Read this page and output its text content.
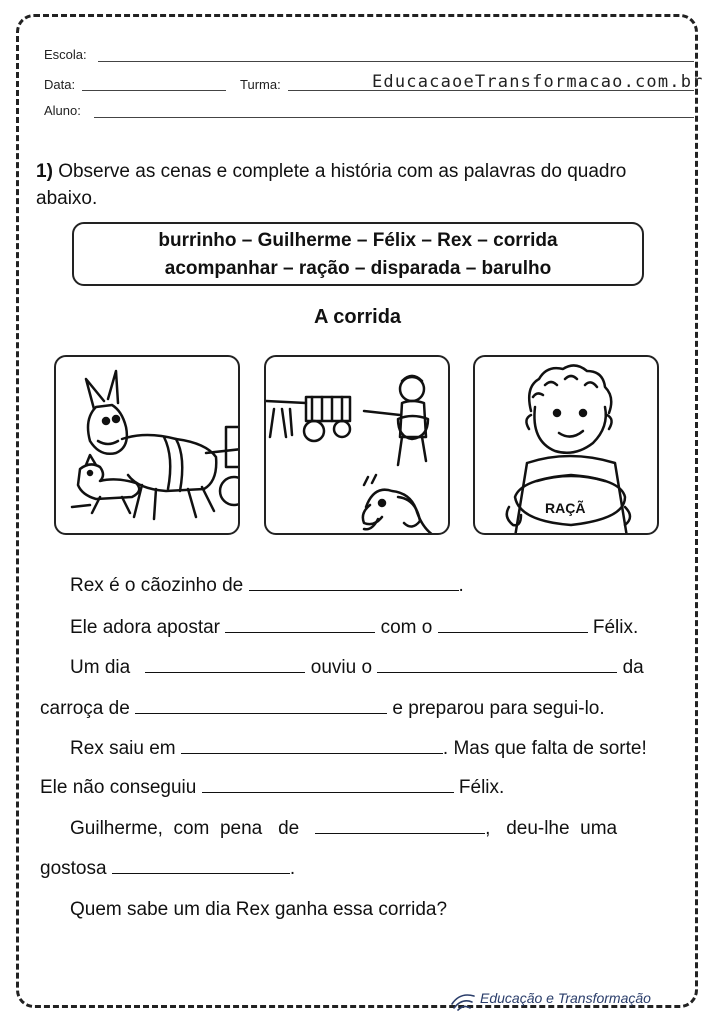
Escola:
Data:	Turma:	EducacaoeTransformacao.com.br
Aluno:
1) Observe as cenas e complete a história com as palavras do quadro abaixo.
burrinho – Guilherme – Félix – Rex – corrida
acompanhar – ração – disparada – barulho
A corrida
RAÇÃ
Rex é o cãozinho de	.
Ele adora apostar	com o	Félix.
Um dia	ouviu o	da
carroça de	e preparou para segui-lo.
Rex saiu em	. Mas que falta de sorte!
Ele não conseguiu	Félix.
Guilherme, com pena de	, deu-lhe uma
gostosa	.
Quem sabe um dia Rex ganha essa corrida?
Educação e Transformação
